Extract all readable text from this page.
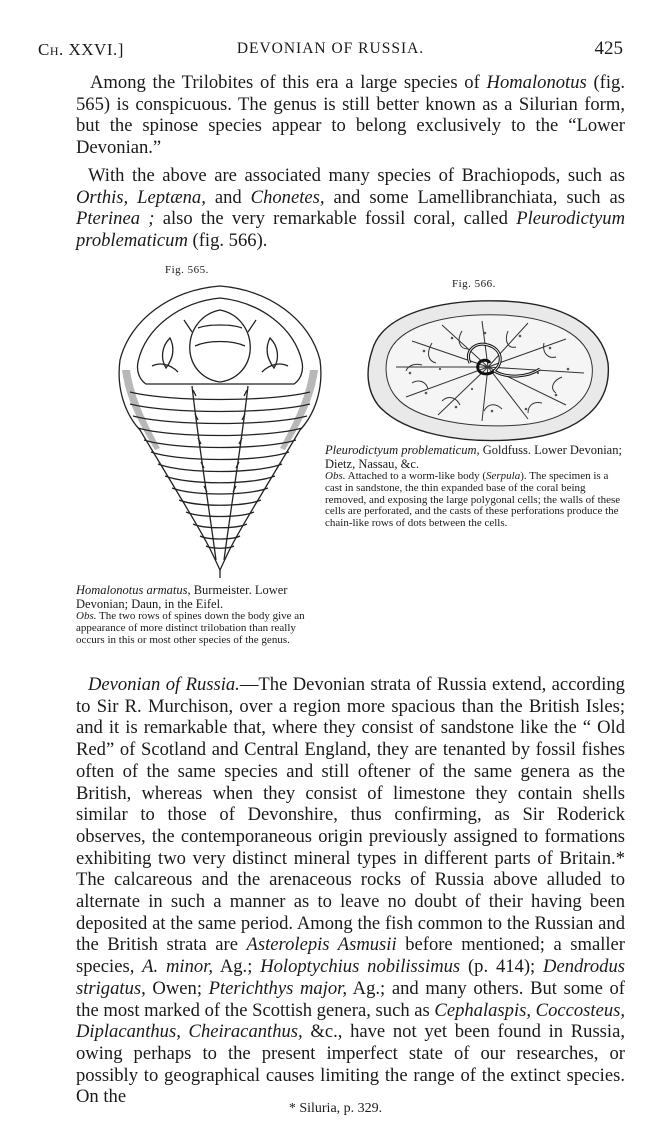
Ch. XXVI.]	DEVONIAN OF RUSSIA.	425

Among the Trilobites of this era a large species of Homalonotus (fig. 565) is conspicuous. The genus is still better known as a Silurian form, but the spinose species appear to belong exclusively to the “Lower Devonian.”

With the above are associated many species of Brachiopods, such as Orthis, Leptæna, and Chonetes, and some Lamellibranchiata, such as Pterinea ; also the very remarkable fossil coral, called Pleurodictyum problematicum (fig. 566).

Fig. 565.
Fig. 566.

Pleurodictyum problematicum, Goldfuss. Lower Devonian; Dietz, Nassau, &c.
Obs. Attached to a worm-like body (Serpula). The specimen is a cast in sandstone, the thin expanded base of the coral being removed, and exposing the large polygonal cells; the walls of these cells are perforated, and the casts of these perforations produce the chain-like rows of dots between the cells.

Homalonotus armatus, Burmeister. Lower Devonian; Daun, in the Eifel.
Obs. The two rows of spines down the body give an appearance of more distinct trilobation than really occurs in this or most other species of the genus.

Devonian of Russia.—The Devonian strata of Russia extend, according to Sir R. Murchison, over a region more spacious than the British Isles; and it is remarkable that, where they consist of sandstone like the “ Old Red” of Scotland and Central England, they are tenanted by fossil fishes often of the same species and still oftener of the same genera as the British, whereas when they consist of limestone they contain shells similar to those of Devonshire, thus confirming, as Sir Roderick observes, the contemporaneous origin previously assigned to formations exhibiting two very distinct mineral types in different parts of Britain.* The calcareous and the arenaceous rocks of Russia above alluded to alternate in such a manner as to leave no doubt of their having been deposited at the same period. Among the fish common to the Russian and the British strata are Asterolepis Asmusii before mentioned; a smaller species, A. minor, Ag.; Holoptychius nobilissimus (p. 414); Dendrodus strigatus, Owen; Pterichthys major, Ag.; and many others. But some of the most marked of the Scottish genera, such as Cephalaspis, Coccosteus, Diplacanthus, Cheiracanthus, &c., have not yet been found in Russia, owing perhaps to the present imperfect state of our researches, or possibly to geographical causes limiting the range of the extinct species. On the

* Siluria, p. 329.
